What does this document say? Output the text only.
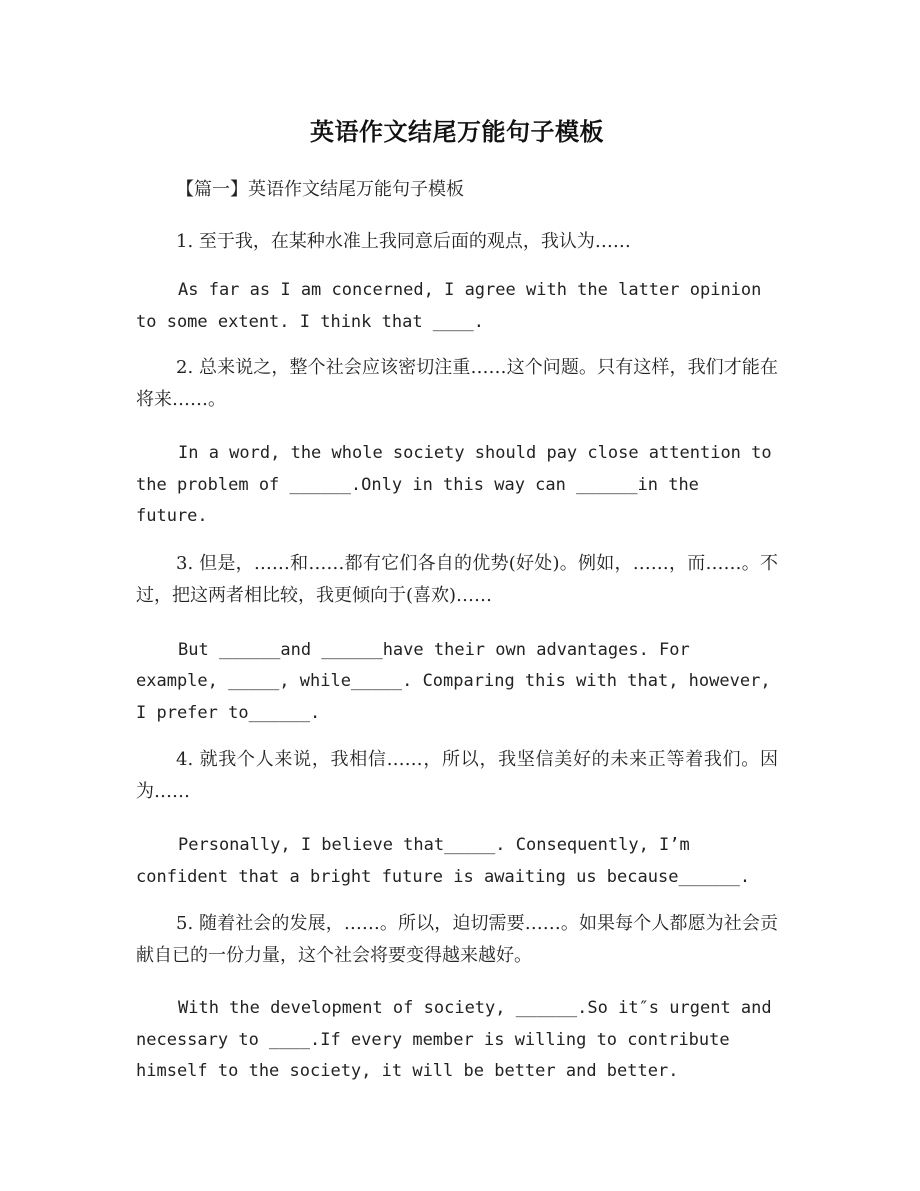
英语作文结尾万能句子模板

【篇一】英语作文结尾万能句子模板

1. 至于我，在某种水准上我同意后面的观点，我认为……

As far as I am concerned, I agree with the latter opinion to some extent. I think that ____.

2. 总来说之，整个社会应该密切注重……这个问题。只有这样，我们才能在将来……。

In a word, the whole society should pay close attention to the problem of ______.Only in this way can ______in the future.

3. 但是，……和……都有它们各自的优势(好处)。例如，……，而……。不过，把这两者相比较，我更倾向于(喜欢)……

But ______and ______have their own advantages. For example, _____, while_____. Comparing this with that, however, I prefer to______.

4. 就我个人来说，我相信……，所以，我坚信美好的未来正等着我们。因为……

Personally, I believe that_____. Consequently, I’m confident that a bright future is awaiting us because______.

5. 随着社会的发展，……。所以，迫切需要……。如果每个人都愿为社会贡献自已的一份力量，这个社会将要变得越来越好。

With the development of society, ______.So it″s urgent and necessary to ____.If every member is willing to contribute himself to the society, it will be better and better.
